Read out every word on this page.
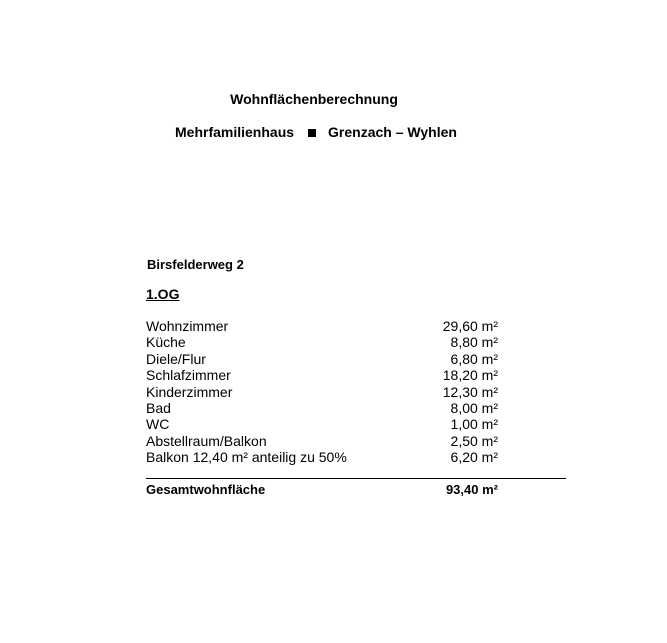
Wohnflächenberechnung
Mehrfamilienhaus Grenzach – Wyhlen
Birsfelderweg 2
1.OG
Wohnzimmer	29,60 m²
Küche	8,80 m²
Diele/Flur	6,80 m²
Schlafzimmer	18,20 m²
Kinderzimmer	12,30 m²
Bad	8,00 m²
WC	1,00 m²
Abstellraum/Balkon	2,50 m²
Balkon 12,40 m² anteilig zu 50%	6,20 m²
Gesamtwohnfläche	93,40 m²
